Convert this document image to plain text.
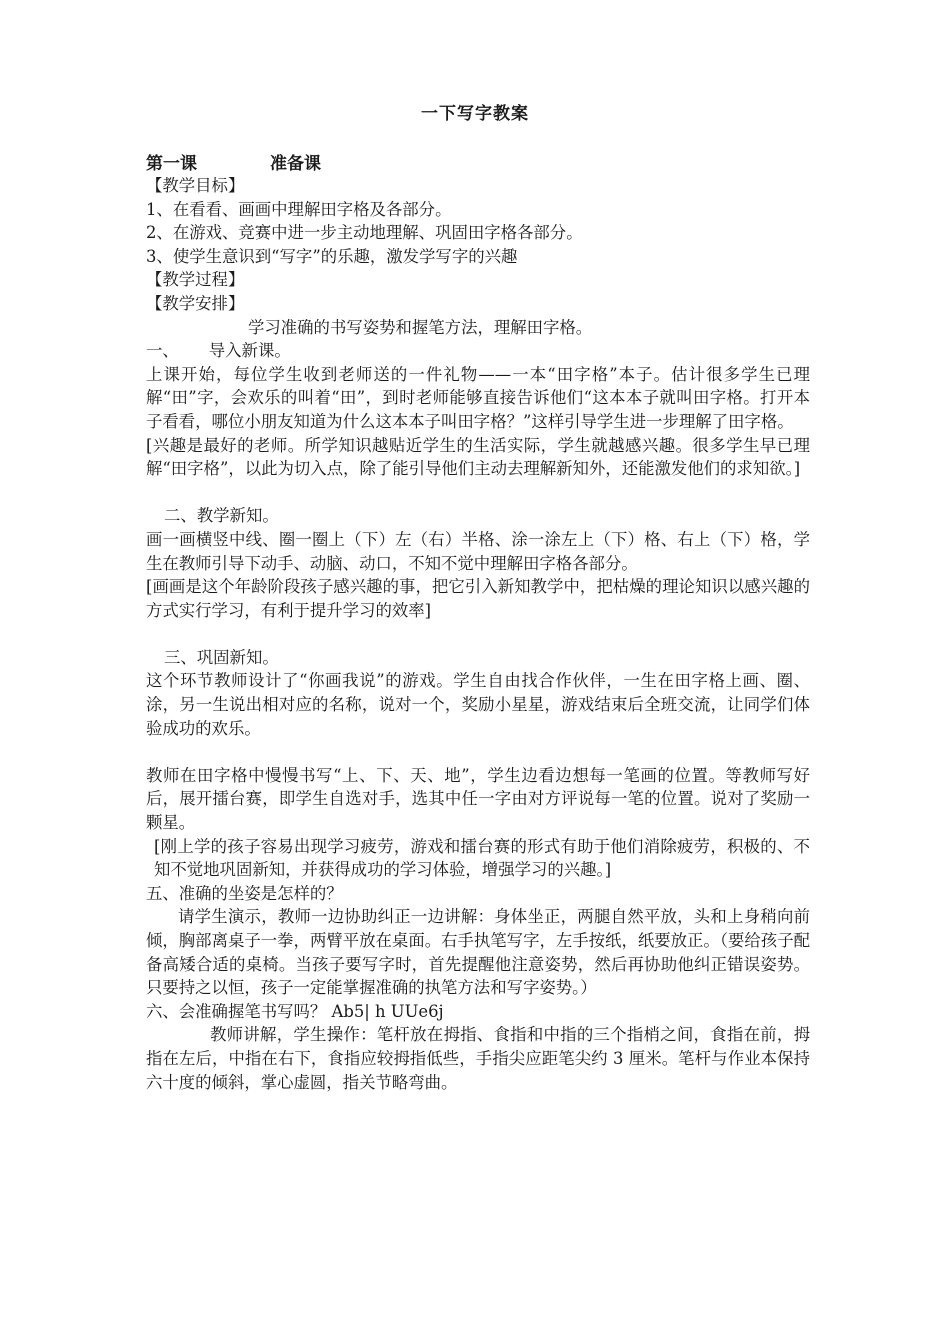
一下写字教案
第一课	准备课

【教学目标】

1、在看看、画画中理解田字格及各部分。

2、在游戏、竞赛中进一步主动地理解、巩固田字格各部分。

3、使学生意识到“写字”的乐趣，激发学写字的兴趣

【教学过程】

【教学安排】

学习准确的书写姿势和握笔方法，理解田字格。

一、 导入新课。

上课开始，每位学生收到老师送的一件礼物——一本“田字格”本子。估计很多学生已理解“田”字，会欢乐的叫着“田”，到时老师能够直接告诉他们“这本本子就叫田字格。打开本子看看，哪位小朋友知道为什么这本本子叫田字格？”这样引导学生进一步理解了田字格。

[兴趣是最好的老师。所学知识越贴近学生的生活实际，学生就越感兴趣。很多学生早已理解“田字格”，以此为切入点，除了能引导他们主动去理解新知外，还能激发他们的求知欲。]

二、教学新知。

画一画横竖中线、圈一圈上（下）左（右）半格、涂一涂左上（下）格、右上（下）格，学生在教师引导下动手、动脑、动口，不知不觉中理解田字格各部分。

[画画是这个年龄阶段孩子感兴趣的事，把它引入新知教学中，把枯燥的理论知识以感兴趣的方式实行学习，有利于提升学习的效率]

三、巩固新知。

这个环节教师设计了“你画我说”的游戏。学生自由找合作伙伴，一生在田字格上画、圈、涂，另一生说出相对应的名称，说对一个，奖励小星星，游戏结束后全班交流，让同学们体验成功的欢乐。

教师在田字格中慢慢书写“上、下、天、地”，学生边看边想每一笔画的位置。等教师写好后，展开擂台赛，即学生自选对手，选其中任一字由对方评说每一笔的位置。说对了奖励一颗星。

[刚上学的孩子容易出现学习疲劳，游戏和擂台赛的形式有助于他们消除疲劳，积极的、不知不觉地巩固新知，并获得成功的学习体验，增强学习的兴趣。]

五、准确的坐姿是怎样的？

请学生演示，教师一边协助纠正一边讲解：身体坐正，两腿自然平放，头和上身稍向前倾，胸部离桌子一拳，两臂平放在桌面。右手执笔写字，左手按纸，纸要放正。（要给孩子配备高矮合适的桌椅。当孩子要写字时，首先提醒他注意姿势，然后再协助他纠正错误姿势。只要持之以恒，孩子一定能掌握准确的执笔方法和写字姿势。）

六、会准确握笔书写吗？ Ab5| h UUe6j

教师讲解，学生操作：笔杆放在拇指、食指和中指的三个指梢之间，食指在前，拇指在左后，中指在右下，食指应较拇指低些，手指尖应距笔尖约 3 厘米。笔杆与作业本保持六十度的倾斜，掌心虚圆，指关节略弯曲。
